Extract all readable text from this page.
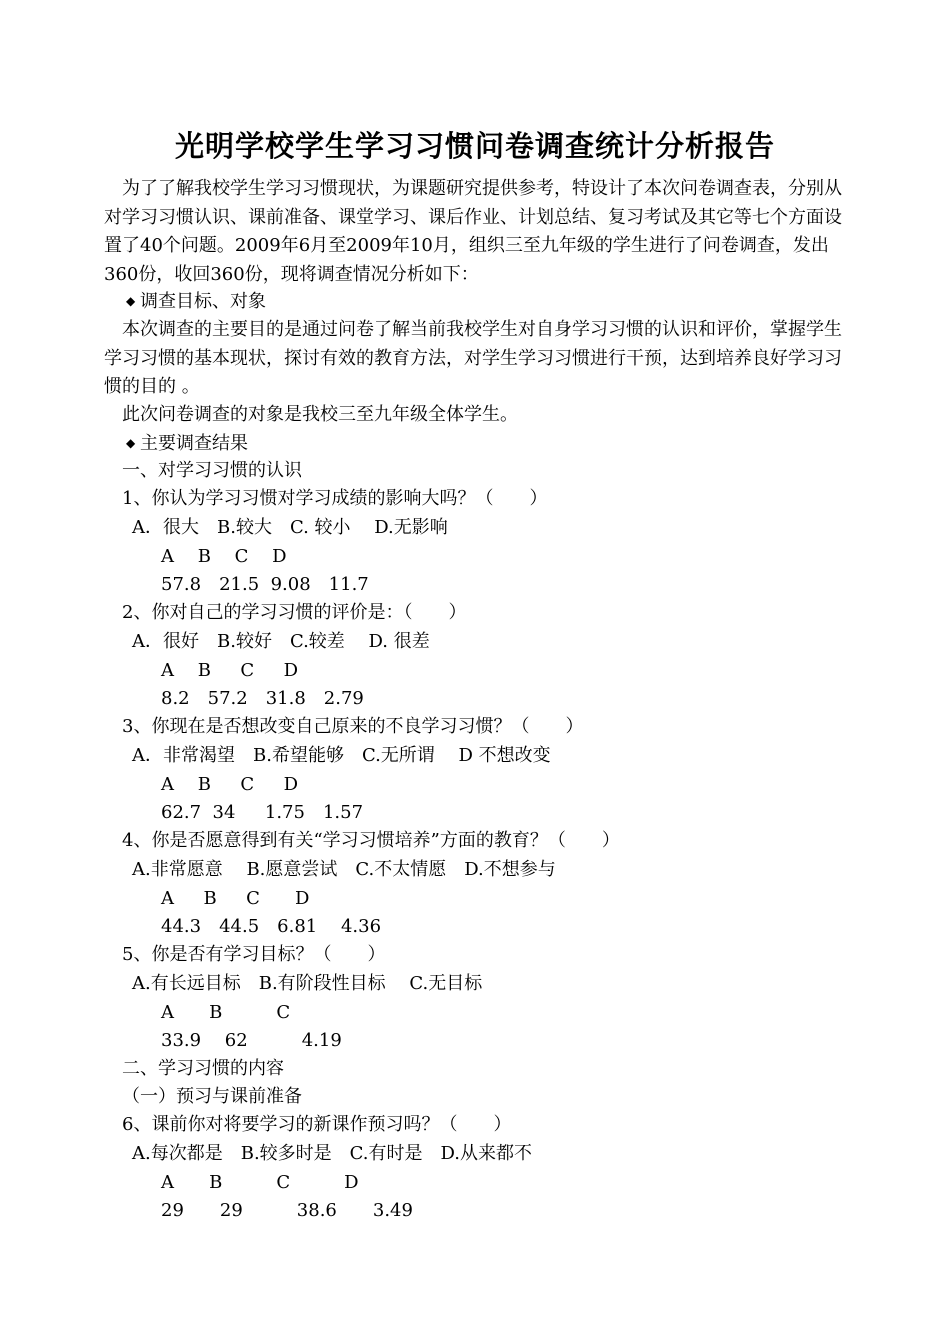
光明学校学生学习习惯问卷调查统计分析报告
为了了解我校学生学习习惯现状，为课题研究提供参考，特设计了本次问卷调查表，分别从对学习习惯认识、课前准备、课堂学习、课后作业、计划总结、复习考试及其它等七个方面设置了40个问题。2009年6月至2009年10月，组织三至九年级的学生进行了问卷调查，发出360份，收回360份，现将调查情况分析如下：
◆ 调查目标、对象
本次调查的主要目的是通过问卷了解当前我校学生对自身学习习惯的认识和评价，掌握学生学习习惯的基本现状，探讨有效的教育方法，对学生学习习惯进行干预，达到培养良好学习习惯的目的 。
此次问卷调查的对象是我校三至九年级全体学生。
◆ 主要调查结果
一、对学习习惯的认识
1、你认为学习习惯对学习成绩的影响大吗？（　　）
A．很大　B.较大　C. 较小　 D.无影响
A　 B　 C　 D
57.8　21.5  9.08　11.7
2、你对自己的学习习惯的评价是：（　　）
A．很好　B.较好　C.较差　 D. 很差
A　 B　  C　  D
8.2　57.2　31.8　2.79
3、你现在是否想改变自己原来的不良学习习惯？（　　）
A．非常渴望　B.希望能够　C.无所谓　 D 不想改变
A　 B　  C　  D
62.7  34　  1.75　1.57
4、你是否愿意得到有关“学习习惯培养”方面的教育？（　　）
A.非常愿意　 B.愿意尝试　C.不太情愿　D.不想参与
A　  B　  C　   D
44.3　44.5　6.81　 4.36
5、你是否有学习目标？（　　）
A.有长远目标　B.有阶段性目标　 C.无目标
A　   B　　　C
33.9　 62　　　4.19
二、学习习惯的内容
（一）预习与课前准备
6、课前你对将要学习的新课作预习吗？（　　）
A.每次都是　B.较多时是　C.有时是　D.从来都不
A　   B　　　C　　　D
29　　29　　　38.6　　3.49
